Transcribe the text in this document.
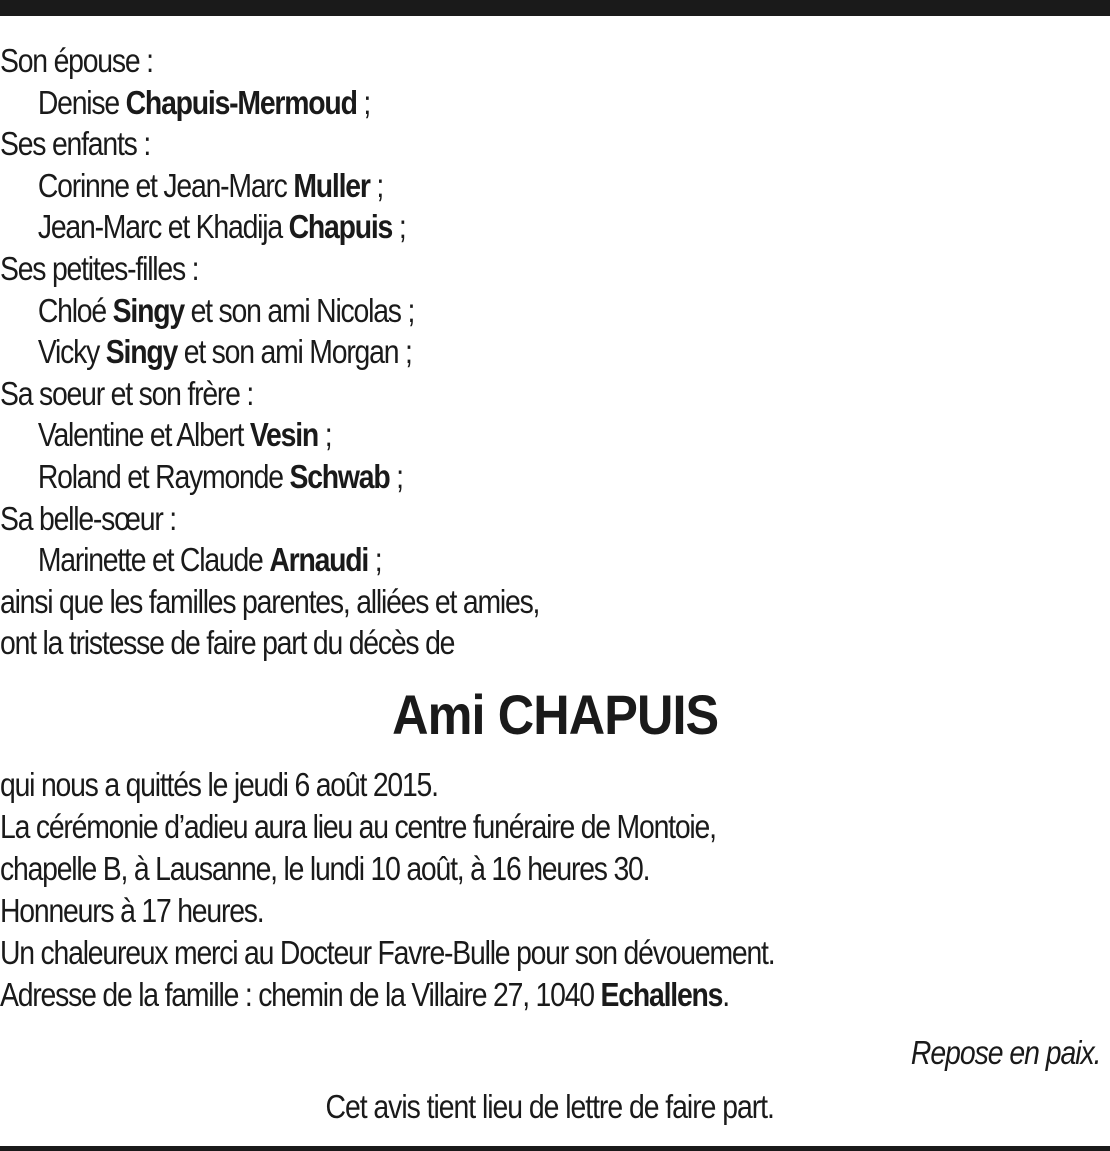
Son épouse :
Denise Chapuis-Mermoud ;
Ses enfants :
Corinne et Jean-Marc Muller ;
Jean-Marc et Khadija Chapuis ;
Ses petites-filles :
Chloé Singy et son ami Nicolas ;
Vicky Singy et son ami Morgan ;
Sa soeur et son frère :
Valentine et Albert Vesin ;
Roland et Raymonde Schwab ;
Sa belle-sœur :
Marinette et Claude Arnaudi ;
ainsi que les familles parentes, alliées et amies,
ont la tristesse de faire part du décès de
Ami CHAPUIS
qui nous a quittés le jeudi 6 août 2015.
La cérémonie d’adieu aura lieu au centre funéraire de Montoie,
chapelle B, à Lausanne, le lundi 10 août, à 16 heures 30.
Honneurs à 17 heures.
Un chaleureux merci au Docteur Favre-Bulle pour son dévouement.
Adresse de la famille : chemin de la Villaire 27, 1040 Echallens.
Repose en paix.
Cet avis tient lieu de lettre de faire part.
